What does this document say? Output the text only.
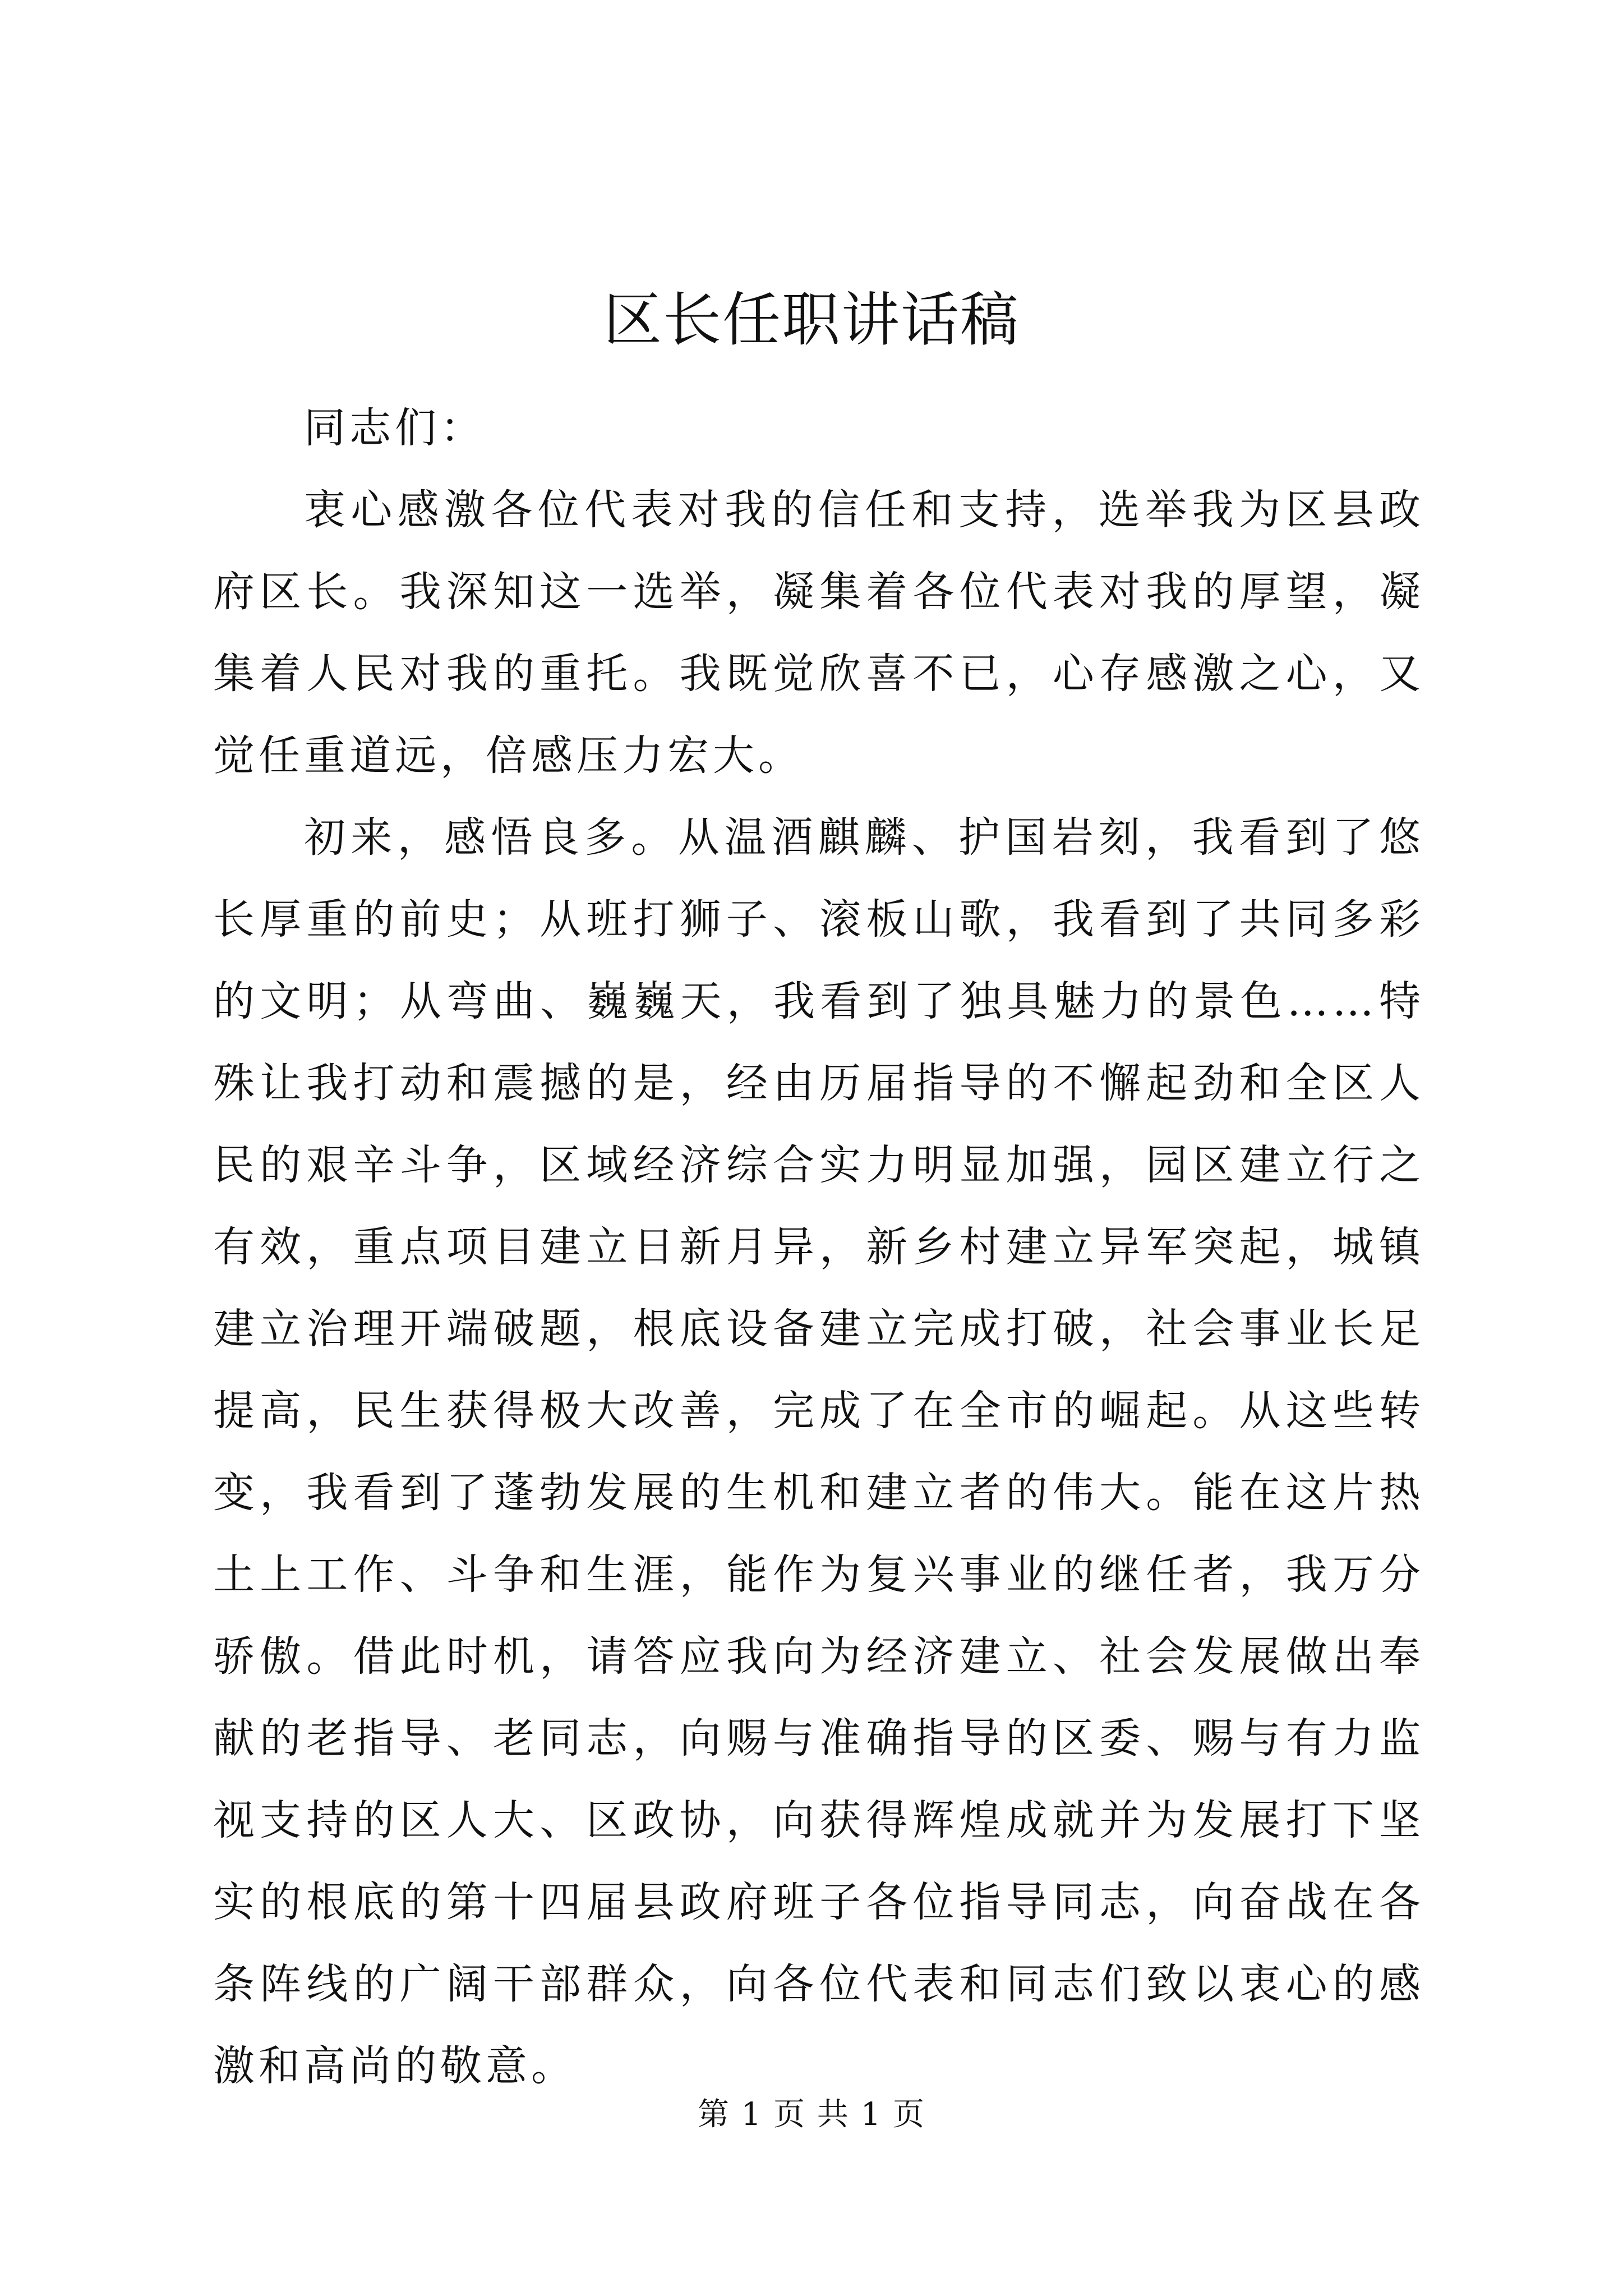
区长任职讲话稿

同志们：

衷心感激各位代表对我的信任和支持，选举我为区县政府区长。我深知这一选举，凝集着各位代表对我的厚望，凝集着人民对我的重托。我既觉欣喜不已，心存感激之心，又觉任重道远，倍感压力宏大。

初来，感悟良多。从温酒麒麟、护国岩刻，我看到了悠长厚重的前史；从班打狮子、滚板山歌，我看到了共同多彩的文明；从弯曲、巍巍天，我看到了独具魅力的景色……特殊让我打动和震撼的是，经由历届指导的不懈起劲和全区人民的艰辛斗争，区域经济综合实力明显加强，园区建立行之有效，重点项目建立日新月异，新乡村建立异军突起，城镇建立治理开端破题，根底设备建立完成打破，社会事业长足提高，民生获得极大改善，完成了在全市的崛起。从这些转变，我看到了蓬勃发展的生机和建立者的伟大。能在这片热土上工作、斗争和生涯，能作为复兴事业的继任者，我万分骄傲。借此时机，请答应我向为经济建立、社会发展做出奉献的老指导、老同志，向赐与准确指导的区委、赐与有力监视支持的区人大、区政协，向获得辉煌成就并为发展打下坚实的根底的第十四届县政府班子各位指导同志，向奋战在各条阵线的广阔干部群众，向各位代表和同志们致以衷心的感激和高尚的敬意。

第 1 页 共 1 页
